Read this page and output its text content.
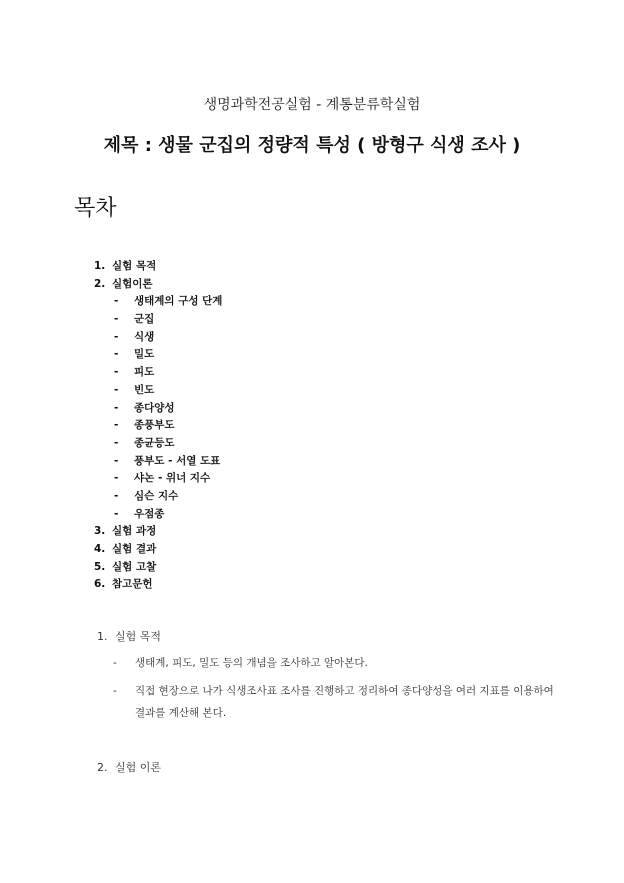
생명과학전공실험 - 계통분류학실험
제목 : 생물 군집의 정량적 특성 ( 방형구 식생 조사 )
목차
1. 실험 목적
2. 실험이론
- 생태계의 구성 단계
- 군집
- 식생
- 밀도
- 피도
- 빈도
- 종다양성
- 종풍부도
- 종균등도
- 풍부도 - 서열 도표
- 샤논 - 위너 지수
- 심슨 지수
- 우점종
3. 실험 과정
4. 실험 결과
5. 실험 고찰
6. 참고문헌
1. 실험 목적
-	생태계, 피도, 밀도 등의 개념을 조사하고 알아본다.
-	직접 현장으로 나가 식생조사표 조사를 진행하고 정리하여 종다양성을 여러 지표를 이용하여 결과를 계산해 본다.
2. 실험 이론
